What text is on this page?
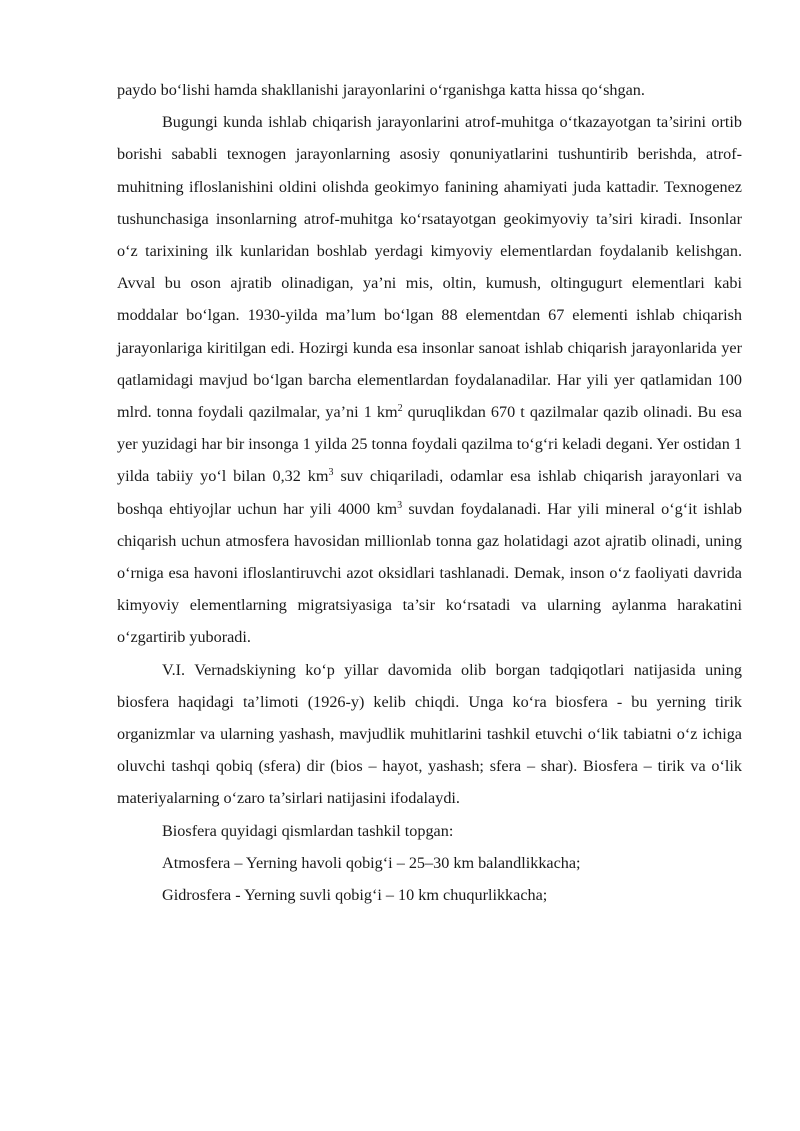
paydo bo‘lishi hamda shakllanishi jarayonlarini o‘rganishga katta hissa qo‘shgan.

Bugungi kunda ishlab chiqarish jarayonlarini atrof-muhitga o‘tkazayotgan ta’sirini ortib borishi sababli texnogen jarayonlarning asosiy qonuniyatlarini tushuntirib berishda, atrof-muhitning ifloslanishini oldini olishda geokimyo fanining ahamiyati juda kattadir. Texnogenez tushunchasiga insonlarning atrof-muhitga ko‘rsatayotgan geokimyoviy ta’siri kiradi. Insonlar o‘z tarixining ilk kunlaridan boshlab yerdagi kimyoviy elementlardan foydalanib kelishgan. Avval bu oson ajratib olinadigan, ya’ni mis, oltin, kumush, oltingugurt elementlari kabi moddalar bo‘lgan. 1930-yilda ma’lum bo‘lgan 88 elementdan 67 elementi ishlab chiqarish jarayonlariga kiritilgan edi. Hozirgi kunda esa insonlar sanoat ishlab chiqarish jarayonlarida yer qatlamidagi mavjud bo‘lgan barcha elementlardan foydalanadilar. Har yili yer qatlamidan 100 mlrd. tonna foydali qazilmalar, ya’ni 1 $km^2$ quruqlikdan 670 t qazilmalar qazib olinadi. Bu esa yer yuzidagi har bir insonga 1 yilda 25 tonna foydali qazilma to‘g‘ri keladi degani. Yer ostidan 1 yilda tabiiy yo‘l bilan 0,32 $km^3$ suv chiqariladi, odamlar esa ishlab chiqarish jarayonlari va boshqa ehtiyojlar uchun har yili 4000 $km^3$ suvdan foydalanadi. Har yili mineral o‘g‘it ishlab chiqarish uchun atmosfera havosidan millionlab tonna gaz holatidagi azot ajratib olinadi, uning o‘rniga esa havoni ifloslantiruvchi azot oksidlari tashlanadi. Demak, inson o‘z faoliyati davrida kimyoviy elementlarning migratsiyasiga ta’sir ko‘rsatadi va ularning aylanma harakatini o‘zgartirib yuboradi.

V.I. Vernadskiyning ko‘p yillar davomida olib borgan tadqiqotlari natijasida uning biosfera haqidagi ta’limoti (1926-y) kelib chiqdi. Unga ko‘ra biosfera - bu yerning tirik organizmlar va ularning yashash, mavjudlik muhitlarini tashkil etuvchi o‘lik tabiatni o‘z ichiga oluvchi tashqi qobiq (sfera) dir (bios – hayot, yashash; sfera – shar). Biosfera – tirik va o‘lik materiyalarning o‘zaro ta’sirlari natijasini ifodalaydi.

Biosfera quyidagi qismlardan tashkil topgan:

Atmosfera – Yerning havoli qobig‘i – 25–30 km balandlikkacha;

Gidrosfera - Yerning suvli qobig‘i – 10 km chuqurlikkacha;
